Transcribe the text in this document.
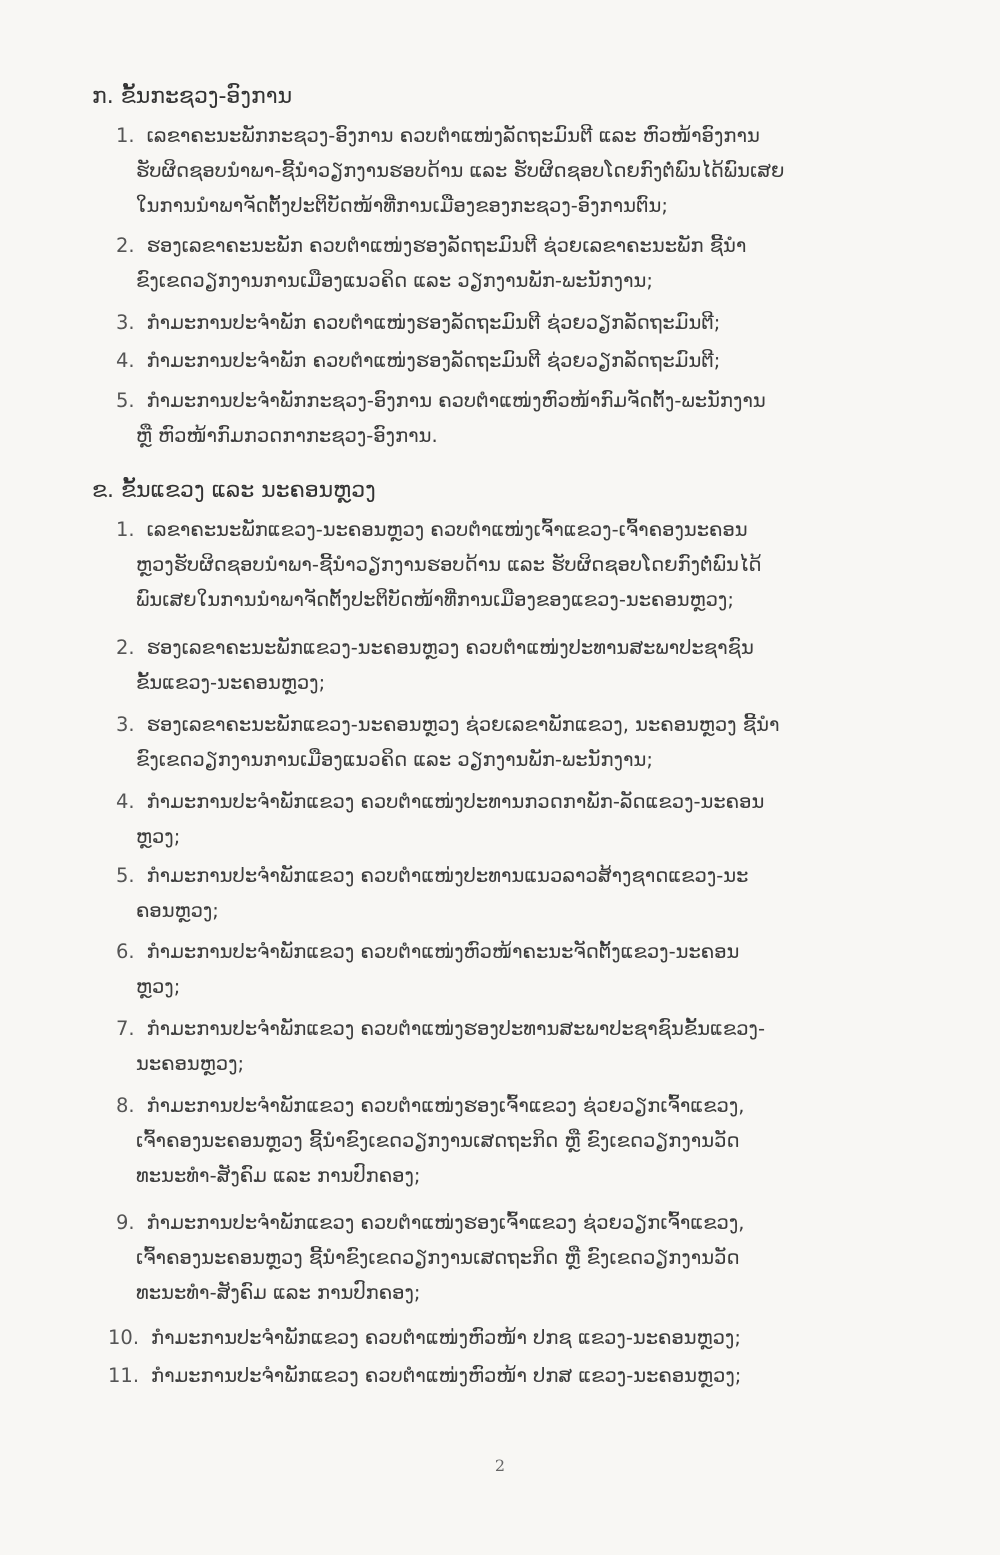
ກ. ຂັ້ນກະຊວງ-ອົງການ
1. ເລຂາຄະນະພັກກະຊວງ-ອົງການ ຄວບຕຳແໜ່ງລັດຖະມົນຕີ ແລະ ຫົວໜ້າອົງການ
ຮັບຜິດຊອບນຳພາ-ຊີ້ນຳວຽກງານຮອບດ້ານ ແລະ ຮັບຜິດຊອບໂດຍກົງຕໍ່ພົນໄດ້ພົນເສຍ
ໃນການນຳພາຈັດຕັ້ງປະຕິບັດໜ້າທີ່ການເມືອງຂອງກະຊວງ-ອົງການຕົນ;
2. ຮອງເລຂາຄະນະພັກ ຄວບຕຳແໜ່ງຮອງລັດຖະມົນຕີ ຊ່ວຍເລຂາຄະນະພັກ ຊີ້ນຳ
ຂົງເຂດວຽກງານການເມືອງແນວຄິດ ແລະ ວຽກງານພັກ-ພະນັກງານ;
3. ກຳມະການປະຈຳພັກ ຄວບຕຳແໜ່ງຮອງລັດຖະມົນຕີ ຊ່ວຍວຽກລັດຖະມົນຕີ;
4. ກຳມະການປະຈຳພັກ ຄວບຕຳແໜ່ງຮອງລັດຖະມົນຕີ ຊ່ວຍວຽກລັດຖະມົນຕີ;
5. ກຳມະການປະຈຳພັກກະຊວງ-ອົງການ ຄວບຕຳແໜ່ງຫົວໜ້າກົມຈັດຕັ້ງ-ພະນັກງານ
ຫຼື ຫົວໜ້າກົມກວດກາກະຊວງ-ອົງການ.
ຂ. ຂັ້ນແຂວງ ແລະ ນະຄອນຫຼວງ
1. ເລຂາຄະນະພັກແຂວງ-ນະຄອນຫຼວງ ຄວບຕຳແໜ່ງເຈົ້າແຂວງ-ເຈົ້າຄອງນະຄອນ
ຫຼວງຮັບຜິດຊອບນຳພາ-ຊີ້ນຳວຽກງານຮອບດ້ານ ແລະ ຮັບຜິດຊອບໂດຍກົງຕໍ່ພົນໄດ້
ພົນເສຍໃນການນຳພາຈັດຕັ້ງປະຕິບັດໜ້າທີ່ການເມືອງຂອງແຂວງ-ນະຄອນຫຼວງ;
2. ຮອງເລຂາຄະນະພັກແຂວງ-ນະຄອນຫຼວງ ຄວບຕຳແໜ່ງປະທານສະພາປະຊາຊົນ
ຂັ້ນແຂວງ-ນະຄອນຫຼວງ;
3. ຮອງເລຂາຄະນະພັກແຂວງ-ນະຄອນຫຼວງ ຊ່ວຍເລຂາພັກແຂວງ, ນະຄອນຫຼວງ ຊີ້ນຳ
ຂົງເຂດວຽກງານການເມືອງແນວຄິດ ແລະ ວຽກງານພັກ-ພະນັກງານ;
4. ກຳມະການປະຈຳພັກແຂວງ ຄວບຕຳແໜ່ງປະທານກວດກາພັກ-ລັດແຂວງ-ນະຄອນ
ຫຼວງ;
5. ກຳມະການປະຈຳພັກແຂວງ ຄວບຕຳແໜ່ງປະທານແນວລາວສ້າງຊາດແຂວງ-ນະ
ຄອນຫຼວງ;
6. ກຳມະການປະຈຳພັກແຂວງ ຄວບຕຳແໜ່ງຫົວໜ້າຄະນະຈັດຕັ້ງແຂວງ-ນະຄອນ
ຫຼວງ;
7. ກຳມະການປະຈຳພັກແຂວງ ຄວບຕຳແໜ່ງຮອງປະທານສະພາປະຊາຊົນຂັ້ນແຂວງ-
ນະຄອນຫຼວງ;
8. ກຳມະການປະຈຳພັກແຂວງ ຄວບຕຳແໜ່ງຮອງເຈົ້າແຂວງ ຊ່ວຍວຽກເຈົ້າແຂວງ,
ເຈົ້າຄອງນະຄອນຫຼວງ ຊີ້ນຳຂົງເຂດວຽກງານເສດຖະກິດ ຫຼື ຂົງເຂດວຽກງານວັດ
ທະນະທຳ-ສັງຄົມ ແລະ ການປົກຄອງ;
9. ກຳມະການປະຈຳພັກແຂວງ ຄວບຕຳແໜ່ງຮອງເຈົ້າແຂວງ ຊ່ວຍວຽກເຈົ້າແຂວງ,
ເຈົ້າຄອງນະຄອນຫຼວງ ຊີ້ນຳຂົງເຂດວຽກງານເສດຖະກິດ ຫຼື ຂົງເຂດວຽກງານວັດ
ທະນະທຳ-ສັງຄົມ ແລະ ການປົກຄອງ;
10. ກຳມະການປະຈຳພັກແຂວງ ຄວບຕຳແໜ່ງຫົວໜ້າ ປກຊ ແຂວງ-ນະຄອນຫຼວງ;
11. ກຳມະການປະຈຳພັກແຂວງ ຄວບຕຳແໜ່ງຫົວໜ້າ ປກສ ແຂວງ-ນະຄອນຫຼວງ;
2
